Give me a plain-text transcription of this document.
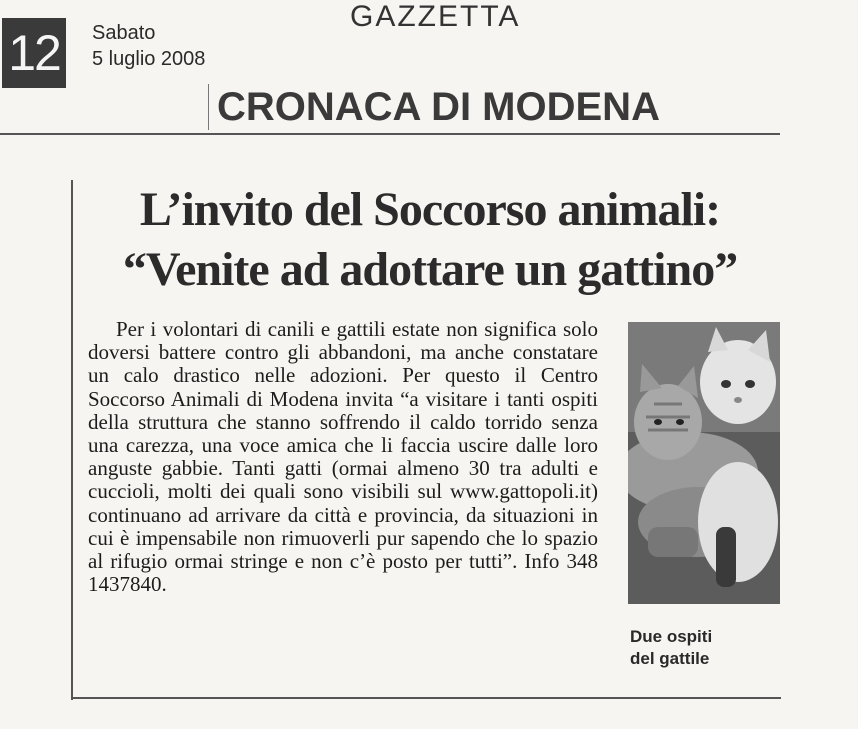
12	Sabato
5 luglio 2008
GAZZETTA
CRONACA DI MODENA
L’invito del Soccorso animali:
“Venite ad adottare un gattino”
Per i volontari di canili e gattili estate non significa solo doversi battere contro gli abbandoni, ma anche constatare un calo drastico nelle adozioni. Per questo il Centro Soccorso Animali di Modena invita “a visitare i tanti ospiti della struttura che stanno soffrendo il caldo torrido senza una carezza, una voce amica che li faccia uscire dalle loro anguste gabbie. Tanti gatti (ormai almeno 30 tra adulti e cuccioli, molti dei quali sono visibili sul www.gattopoli.it) continuano ad arrivare da città e provincia, da situazioni in cui è impensabile non rimuoverli pur sapendo che lo spazio al rifugio ormai stringe e non c’è posto per tutti”. Info 348 1437840.
Due ospiti
del gattile
